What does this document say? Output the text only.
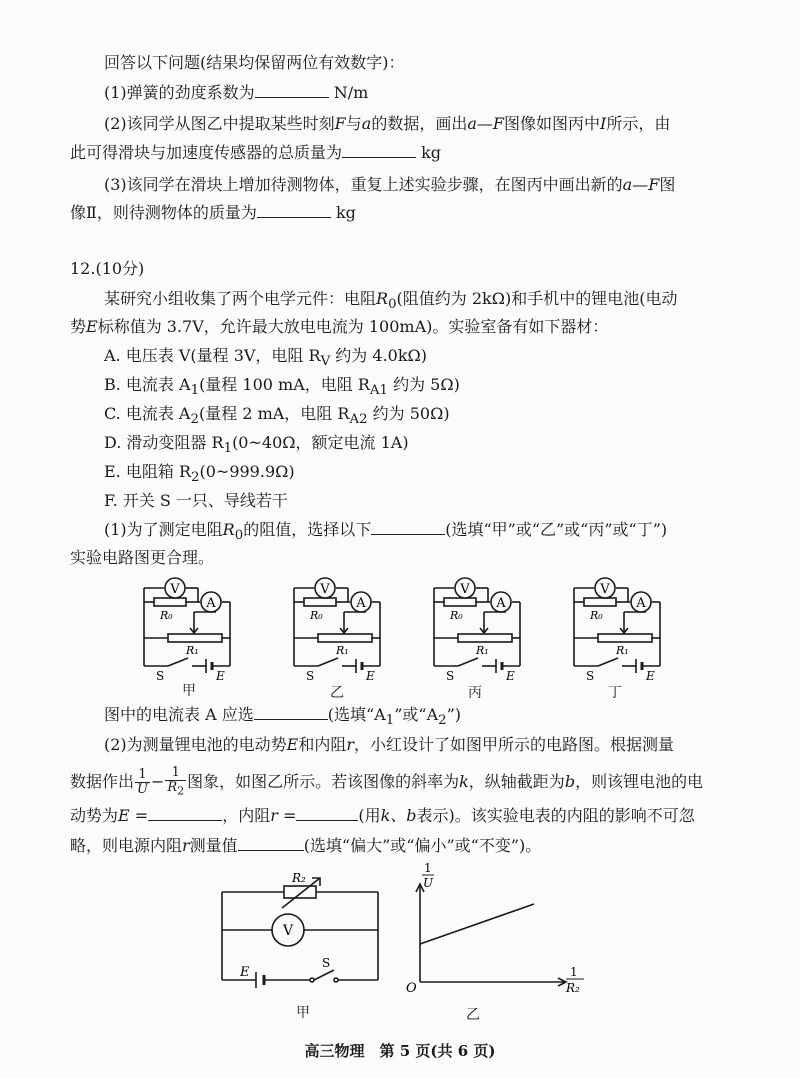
回答以下问题(结果均保留两位有效数字)：
(1)弹簧的劲度系数为	N/m
(2)该同学从图乙中提取某些时刻F与a的数据，画出a—F图像如图丙中I所示，由
此可得滑块与加速度传感器的总质量为	kg
(3)该同学在滑块上增加待测物体，重复上述实验步骤，在图丙中画出新的a—F图
像Ⅱ，则待测物体的质量为	kg
12.(10分)
某研究小组收集了两个电学元件：电阻$R_0$(阻值约为 2kΩ)和手机中的锂电池(电动
势E标称值为 3.7V，允许最大放电电流为 100mA)。实验室备有如下器材：
A. 电压表 V(量程 3V，电阻 $R_V$ 约为 4.0kΩ)
B. 电流表 $A_1$(量程 100 mA，电阻 $R_{A1}$ 约为 5Ω)
C. 电流表 $A_2$(量程 2 mA，电阻 $R_{A2}$ 约为 50Ω)
D. 滑动变阻器 $R_1(0\sim 40\Omega$，额定电流 1A)
E. 电阻箱 $R_2(0\sim 999.9\Omega)$
F. 开关 S 一只、导线若干
(1)为了测定电阻$R_0$的阻值，选择以下	(选填“甲”或“乙”或“丙”或“丁”)
实验电路图更合理。
V
A
R₀
R₁
S	E
V
A
R₀
R₁
S	E
V
A
R₀
R₁
S	E
V
A
R₀
R₁
S	E
甲	乙	丙	丁
图中的电流表 A 应选	(选填“$A_1$”或“$A_2$”)
(2)为测量锂电池的电动势E和内阻r，小红设计了如图甲所示的电路图。根据测量
数据作出 $\frac{1}{U} - \frac{1}{R_2}$ 图象，如图乙所示。若该图像的斜率为k，纵轴截距为b，则该锂电池的电
动势为E =	，内阻r =	(用k、b表示)。该实验电表的内阻的影响不可忽
略，则电源内阻r测量值	(选填“偏大”或“偏小”或“不变”)。
R₂
V
E
S
甲
1
U
1
R₂
O
乙
高三物理　第 5 页(共 6 页)
